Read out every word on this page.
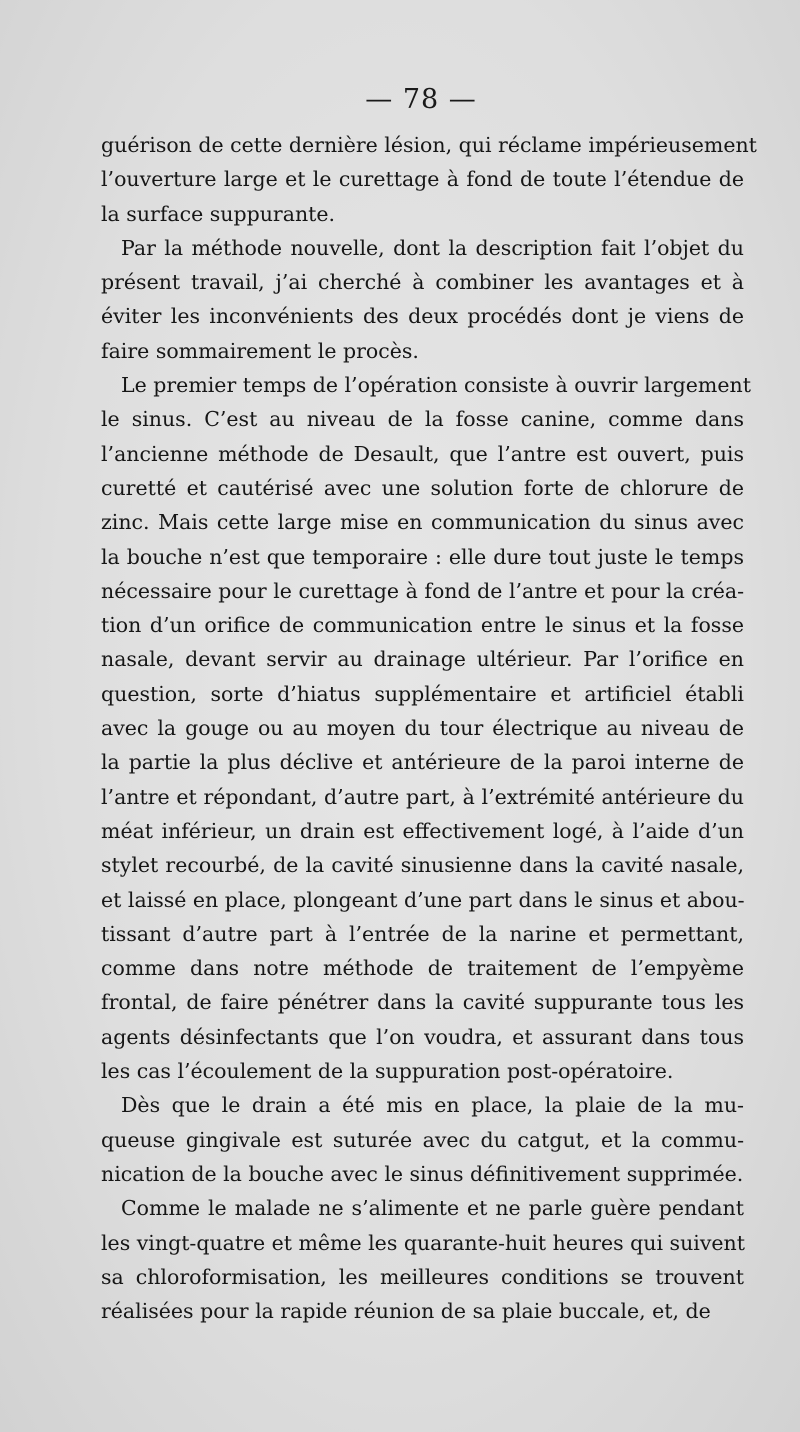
— 78 —
guérison de cette dernière lésion, qui réclame impérieusement
l’ouverture large et le curettage à fond de toute l’étendue de
la surface suppurante.
Par la méthode nouvelle, dont la description fait l’objet du
présent travail, j’ai cherché à combiner les avantages et à
éviter les inconvénients des deux procédés dont je viens de
faire sommairement le procès.
Le premier temps de l’opération consiste à ouvrir largement
le sinus. C’est au niveau de la fosse canine, comme dans
l’ancienne méthode de Desault, que l’antre est ouvert, puis
curetté et cautérisé avec une solution forte de chlorure de
zinc. Mais cette large mise en communication du sinus avec
la bouche n’est que temporaire : elle dure tout juste le temps
nécessaire pour le curettage à fond de l’antre et pour la créa-
tion d’un orifice de communication entre le sinus et la fosse
nasale, devant servir au drainage ultérieur. Par l’orifice en
question, sorte d’hiatus supplémentaire et artificiel établi
avec la gouge ou au moyen du tour électrique au niveau de
la partie la plus déclive et antérieure de la paroi interne de
l’antre et répondant, d’autre part, à l’extrémité antérieure du
méat inférieur, un drain est effectivement logé, à l’aide d’un
stylet recourbé, de la cavité sinusienne dans la cavité nasale,
et laissé en place, plongeant d’une part dans le sinus et abou-
tissant d’autre part à l’entrée de la narine et permettant,
comme dans notre méthode de traitement de l’empyème
frontal, de faire pénétrer dans la cavité suppurante tous les
agents désinfectants que l’on voudra, et assurant dans tous
les cas l’écoulement de la suppuration post-opératoire.
Dès que le drain a été mis en place, la plaie de la mu-
queuse gingivale est suturée avec du catgut, et la commu-
nication de la bouche avec le sinus définitivement supprimée.
Comme le malade ne s’alimente et ne parle guère pendant
les vingt-quatre et même les quarante-huit heures qui suivent
sa chloroformisation, les meilleures conditions se trouvent
réalisées pour la rapide réunion de sa plaie buccale, et, de
